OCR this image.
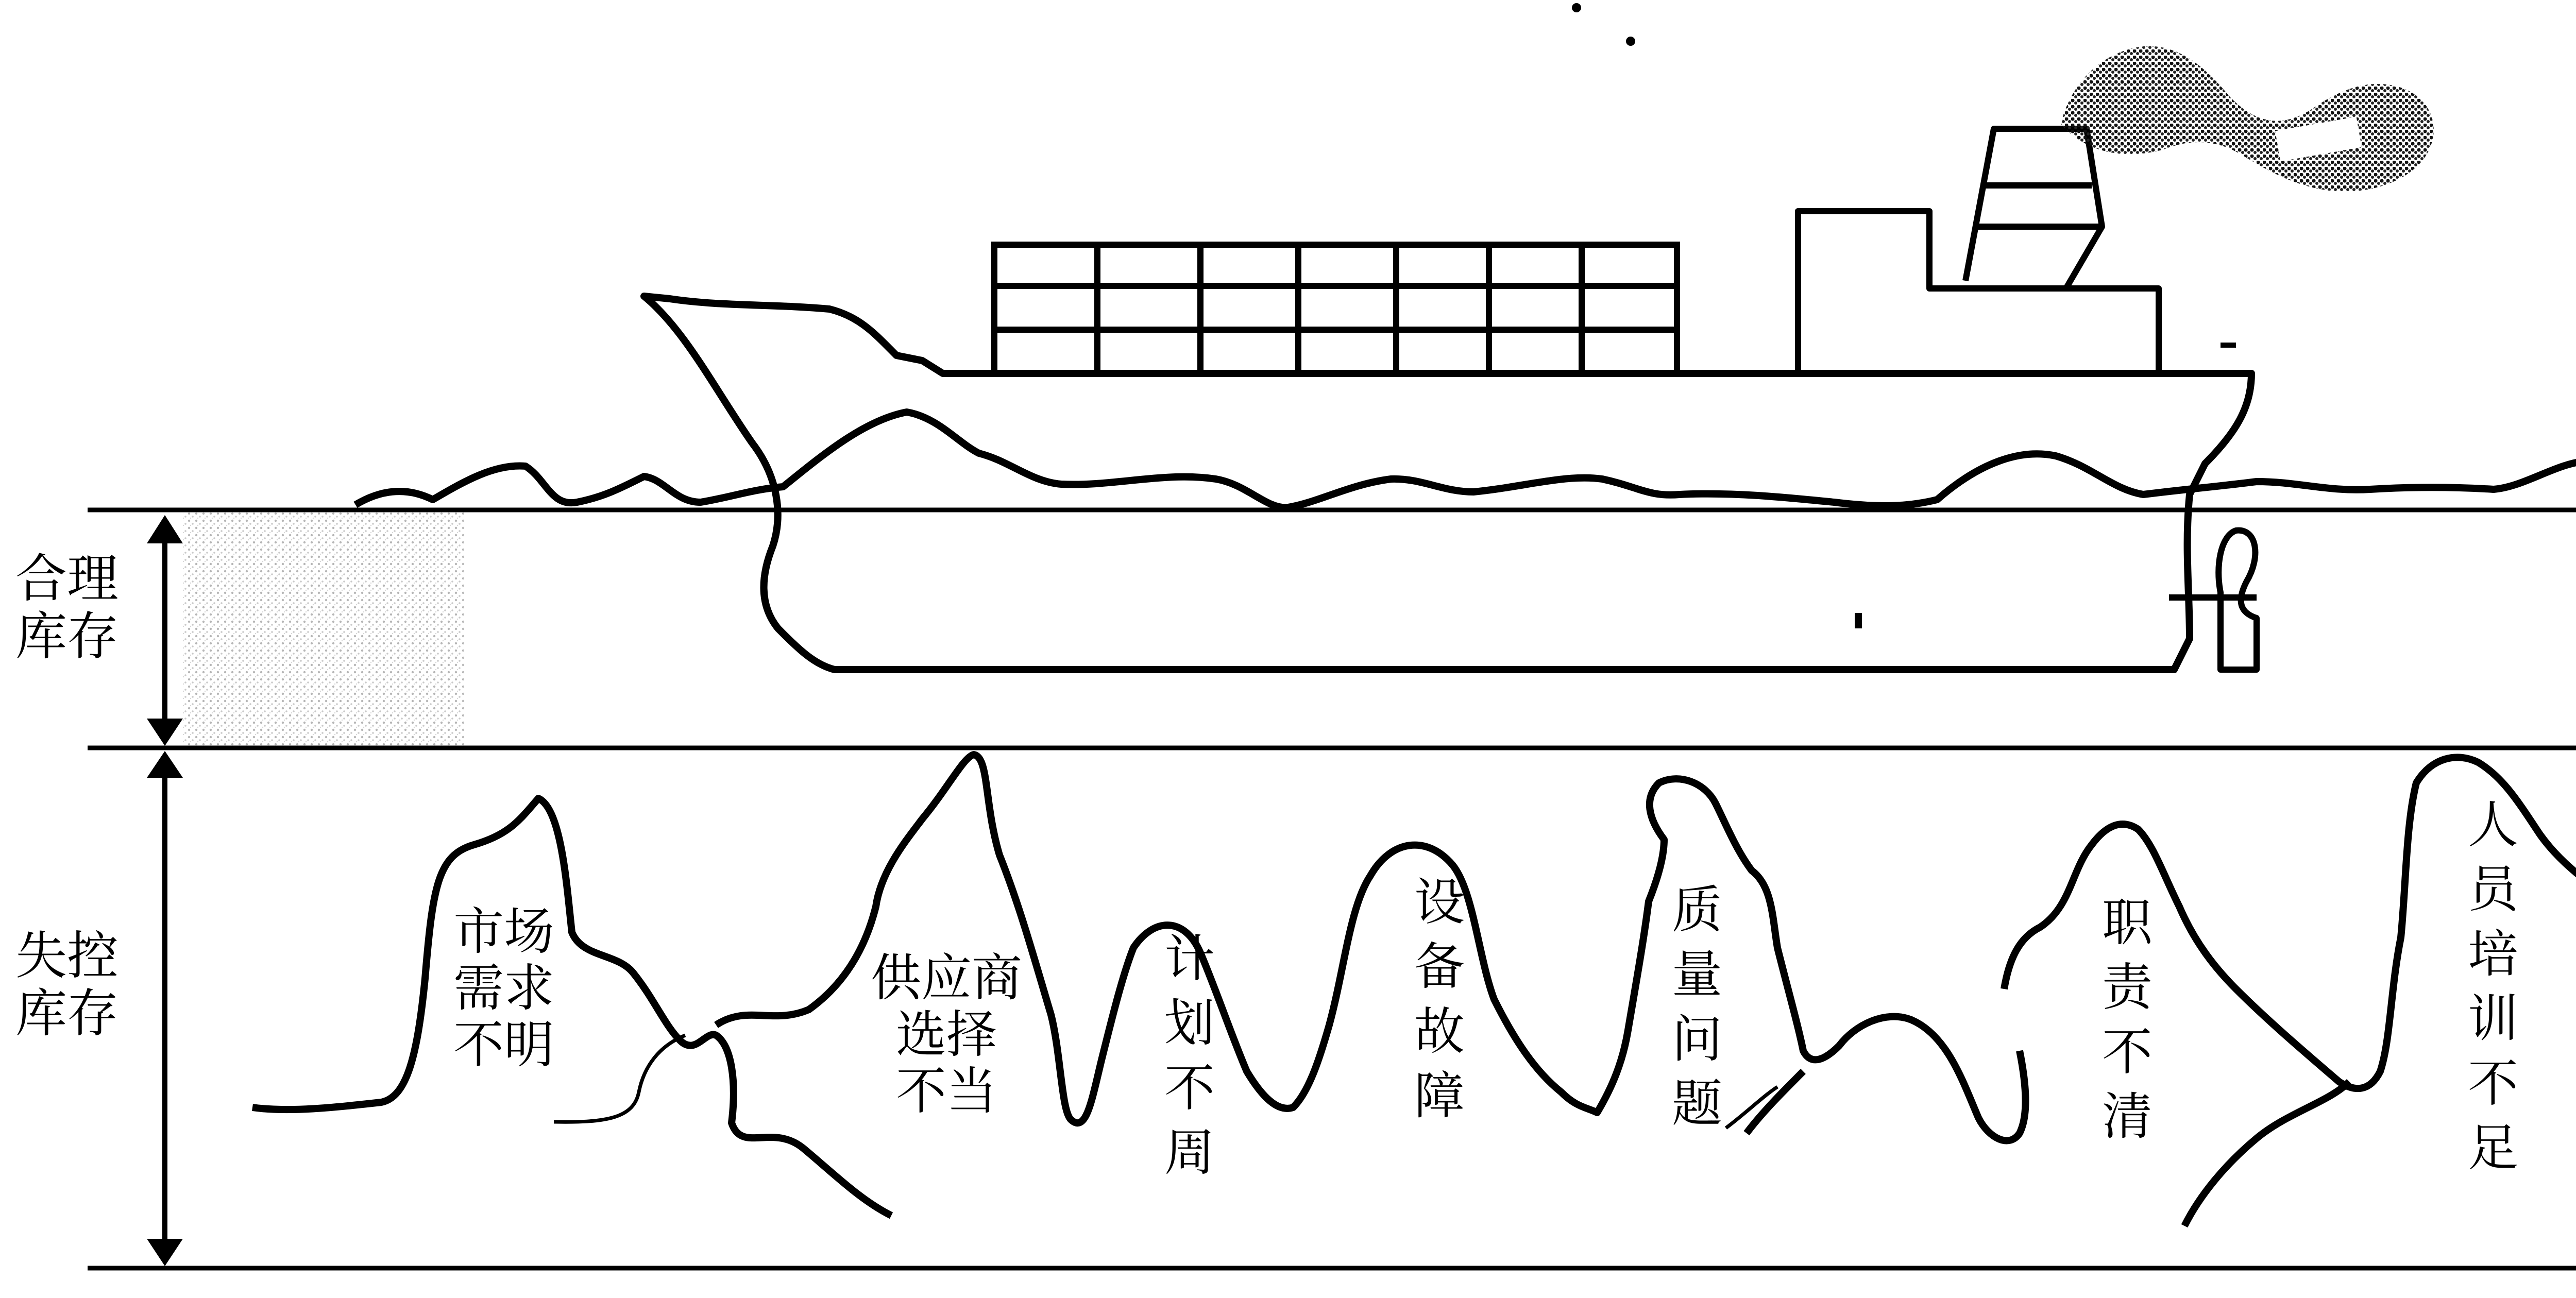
合理
库存
失控
库存
市场
需求
不明
供应商
选择
不当
计
划
不
周
设
备
故
障
质
量
问
题
职
责
不
清
人
员
培
训
不
足
